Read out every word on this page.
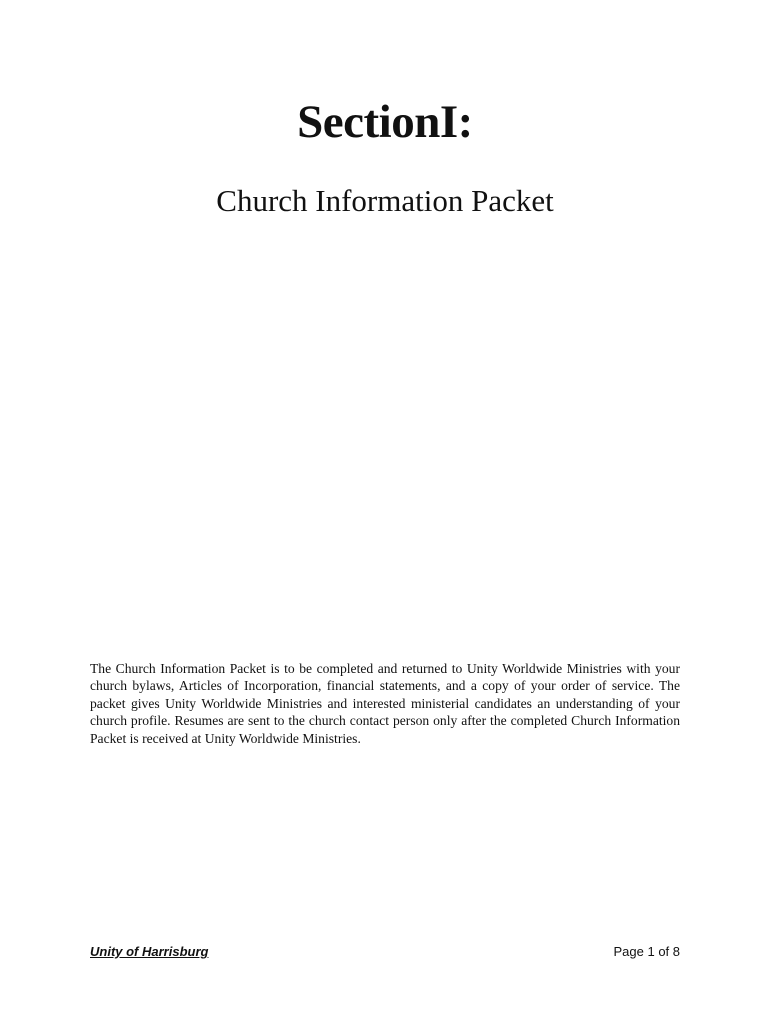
SectionI:
Church Information Packet

The Church Information Packet is to be completed and returned to Unity Worldwide Ministries with your church bylaws, Articles of Incorporation, financial statements, and a copy of your order of service. The packet gives Unity Worldwide Ministries and interested ministerial candidates an understanding of your church profile. Resumes are sent to the church contact person only after the completed Church Information Packet is received at Unity Worldwide Ministries.

Unity of Harrisburg	Page 1 of 8
